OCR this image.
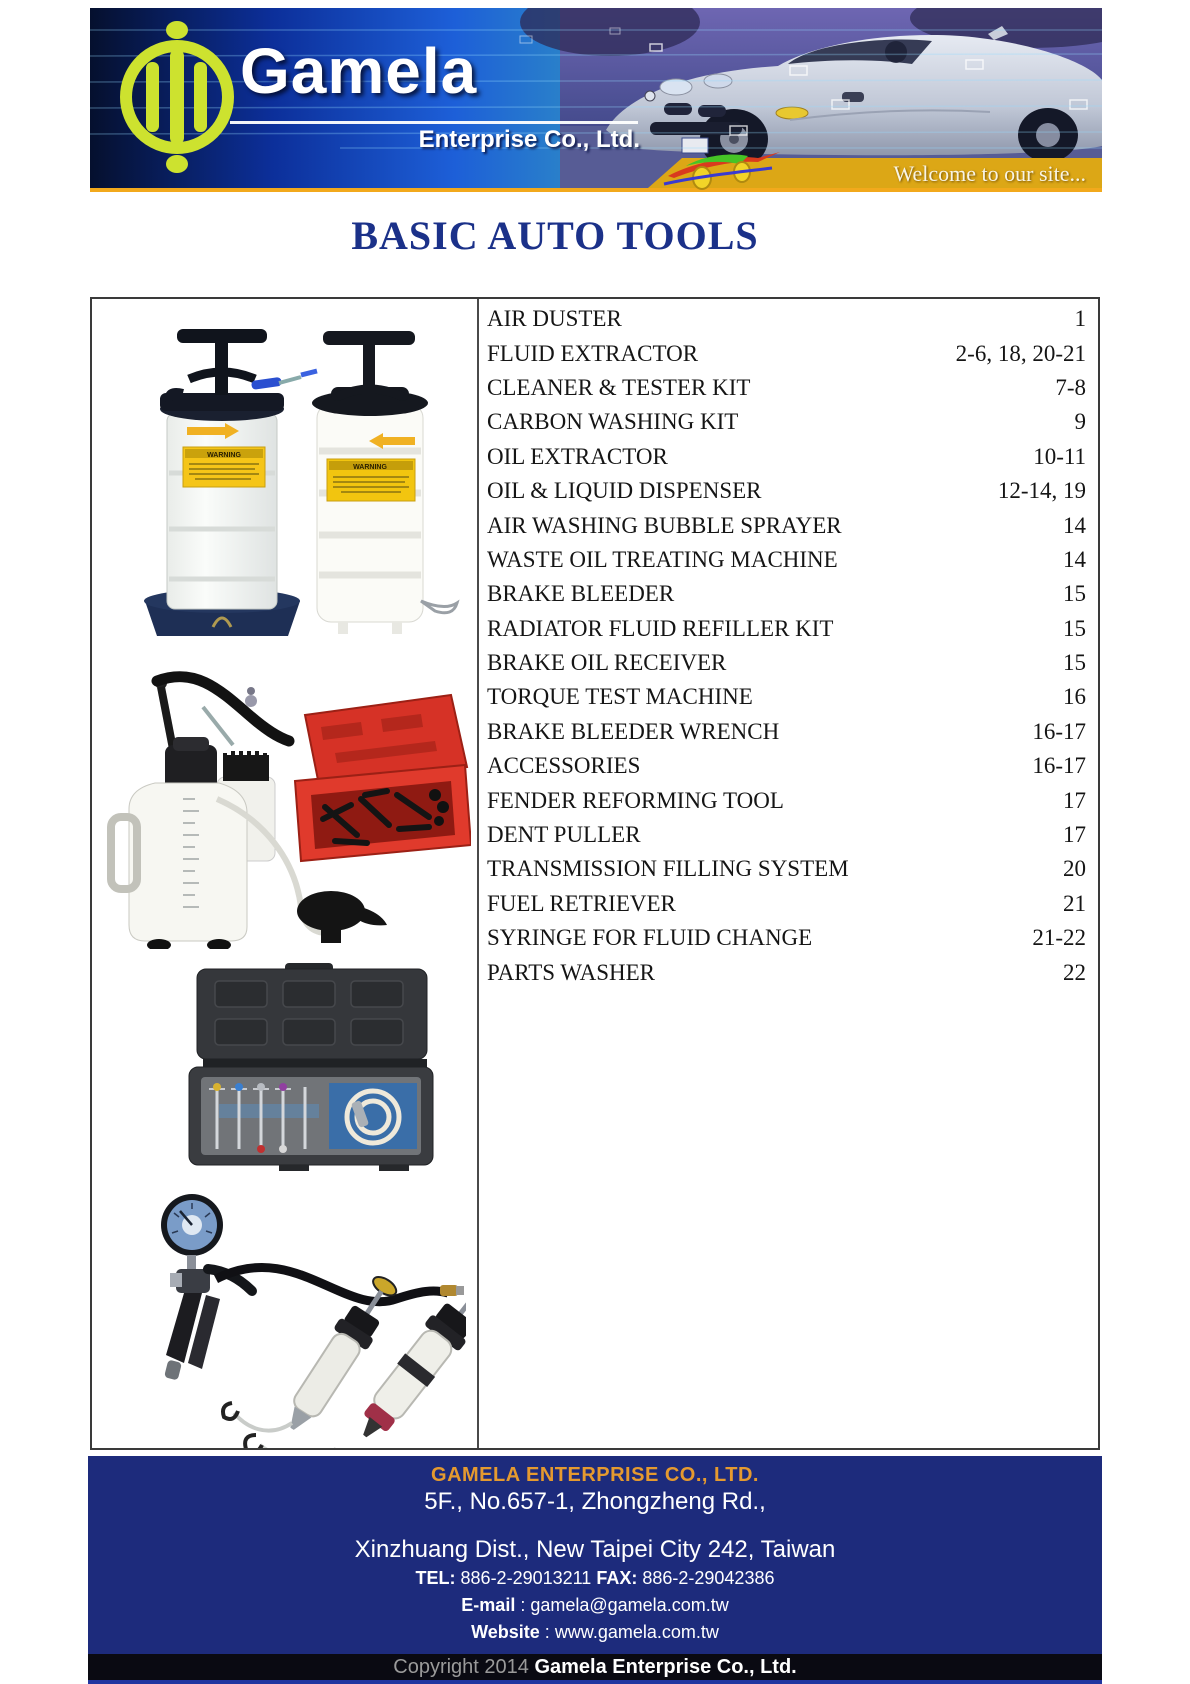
Gamela
Enterprise Co., Ltd.
Welcome to our site...
BASIC AUTO TOOLS
WARNING
WARNING
AIR DUSTER	1
FLUID EXTRACTOR	2-6, 18, 20-21
CLEANER & TESTER KIT	7-8
CARBON WASHING KIT	9
OIL EXTRACTOR	10-11
OIL & LIQUID DISPENSER	12-14, 19
AIR WASHING BUBBLE SPRAYER	14
WASTE OIL TREATING MACHINE	14
BRAKE BLEEDER	15
RADIATOR FLUID REFILLER KIT	15
BRAKE OIL RECEIVER	15
TORQUE TEST MACHINE	16
BRAKE BLEEDER WRENCH	16-17
ACCESSORIES	16-17
FENDER REFORMING TOOL	17
DENT PULLER	17
TRANSMISSION FILLING SYSTEM	20
FUEL RETRIEVER	21
SYRINGE FOR FLUID CHANGE	21-22
PARTS WASHER	22
GAMELA ENTERPRISE CO., LTD.
5F., No.657-1, Zhongzheng Rd.,
Xinzhuang Dist., New Taipei City 242, Taiwan
TEL: 886-2-29013211 FAX: 886-2-29042386
E-mail : gamela@gamela.com.tw
Website : www.gamela.com.tw
Copyright 2014 Gamela Enterprise Co., Ltd.
